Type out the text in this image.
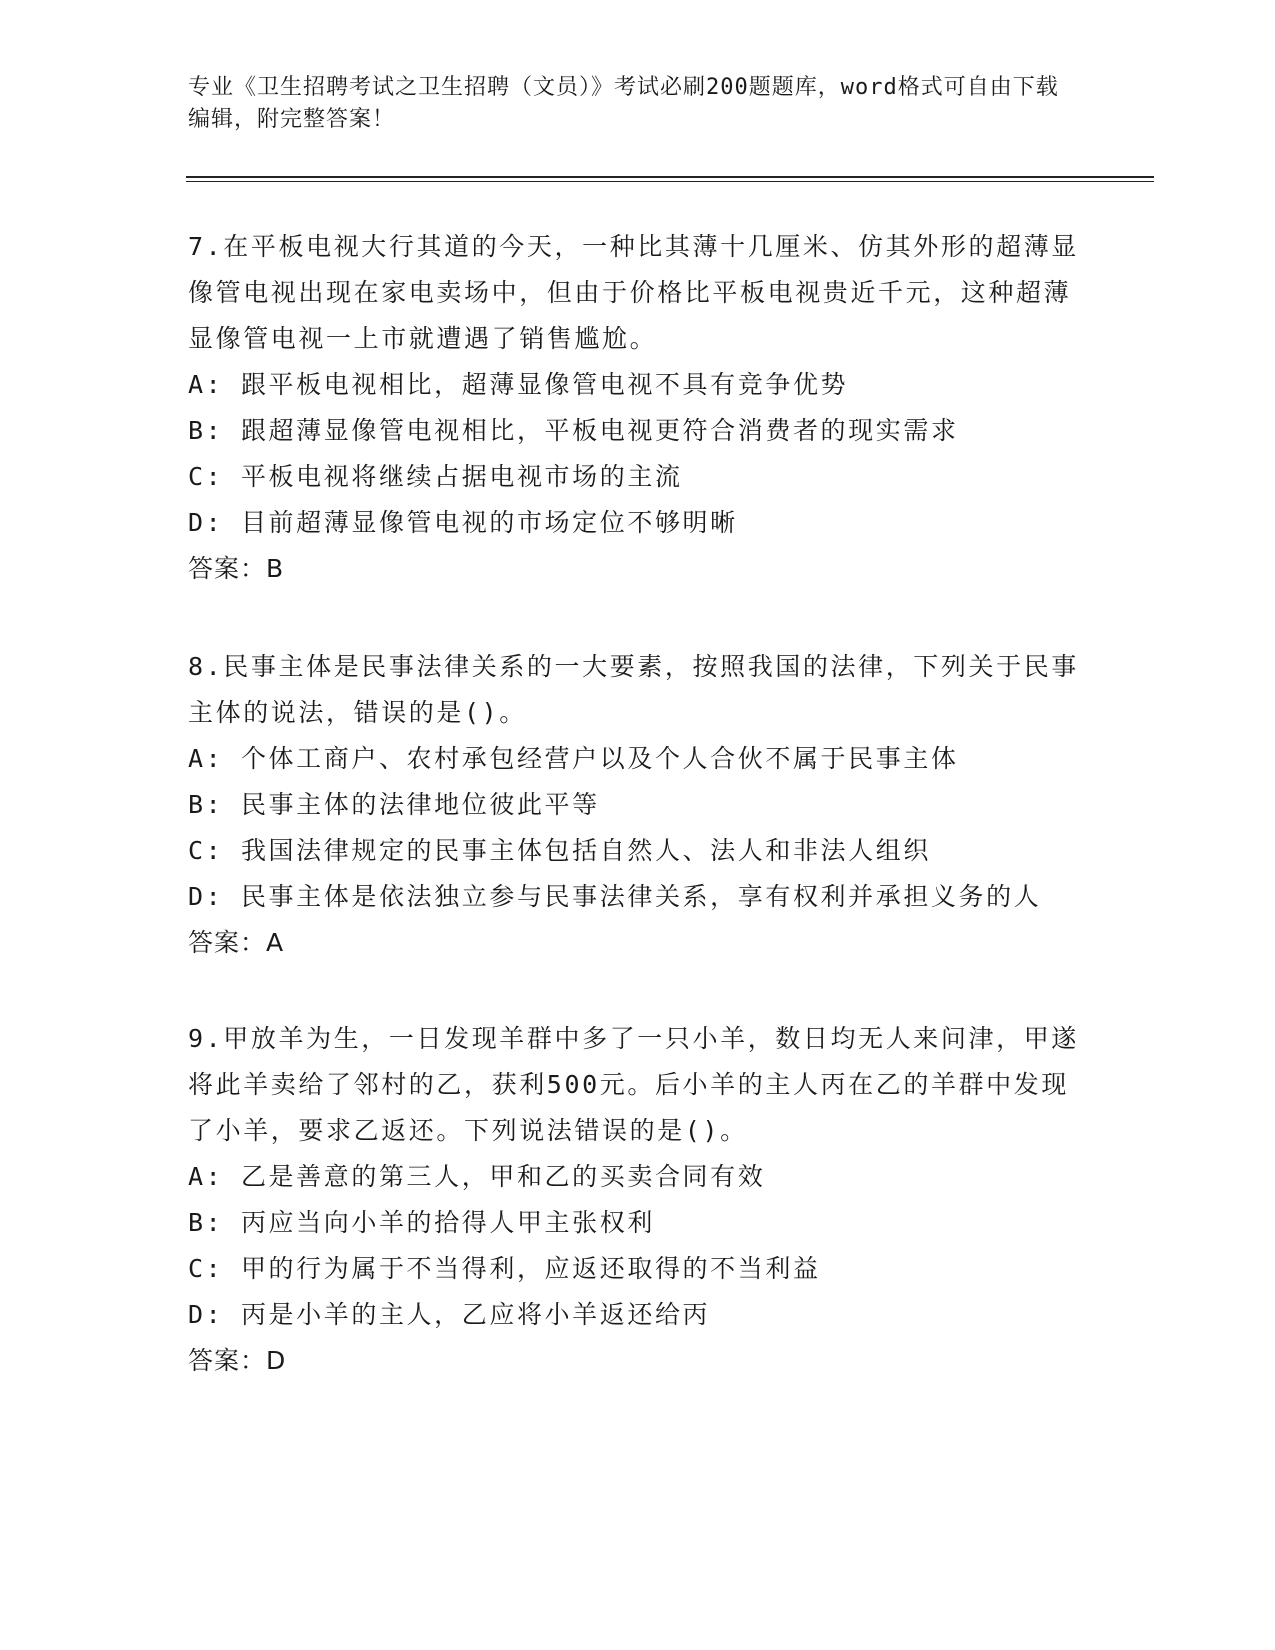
专业《卫生招聘考试之卫生招聘（文员）》考试必刷200题题库，word格式可自由下载编辑，附完整答案！

7.在平板电视大行其道的今天，一种比其薄十几厘米、仿其外形的超薄显像管电视出现在家电卖场中，但由于价格比平板电视贵近千元，这种超薄显像管电视一上市就遭遇了销售尴尬。

A: 跟平板电视相比，超薄显像管电视不具有竞争优势

B: 跟超薄显像管电视相比，平板电视更符合消费者的现实需求

C: 平板电视将继续占据电视市场的主流

D: 目前超薄显像管电视的市场定位不够明晰

答案：B

8.民事主体是民事法律关系的一大要素，按照我国的法律，下列关于民事主体的说法，错误的是()。

A: 个体工商户、农村承包经营户以及个人合伙不属于民事主体

B: 民事主体的法律地位彼此平等

C: 我国法律规定的民事主体包括自然人、法人和非法人组织

D: 民事主体是依法独立参与民事法律关系，享有权利并承担义务的人

答案：A

9.甲放羊为生，一日发现羊群中多了一只小羊，数日均无人来问津，甲遂将此羊卖给了邻村的乙，获利500元。后小羊的主人丙在乙的羊群中发现了小羊，要求乙返还。下列说法错误的是()。

A: 乙是善意的第三人，甲和乙的买卖合同有效

B: 丙应当向小羊的拾得人甲主张权利

C: 甲的行为属于不当得利，应返还取得的不当利益

D: 丙是小羊的主人，乙应将小羊返还给丙

答案：D
